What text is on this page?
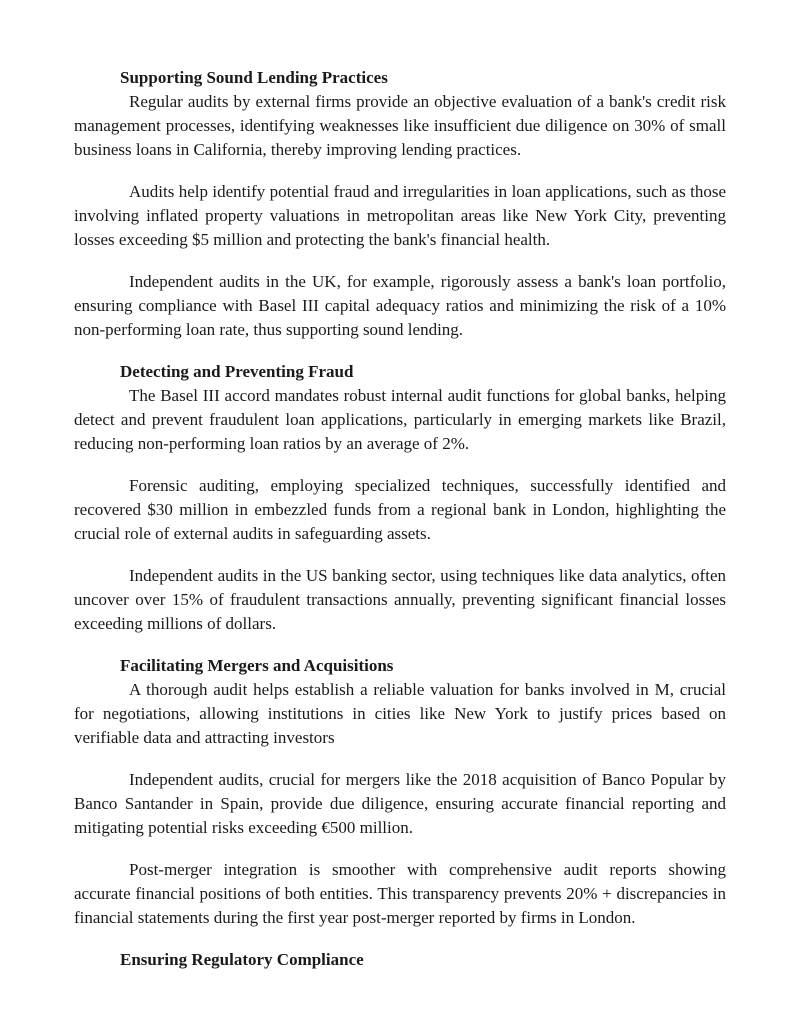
Supporting Sound Lending Practices

Regular audits by external firms provide an objective evaluation of a bank's credit risk management processes, identifying weaknesses like insufficient due diligence on 30% of small business loans in California, thereby improving lending practices.

Audits help identify potential fraud and irregularities in loan applications, such as those involving inflated property valuations in metropolitan areas like New York City, preventing losses exceeding $5 million and protecting the bank's financial health.

Independent audits in the UK, for example, rigorously assess a bank's loan portfolio, ensuring compliance with Basel III capital adequacy ratios and minimizing the risk of a 10% non-performing loan rate, thus supporting sound lending.

Detecting and Preventing Fraud

The Basel III accord mandates robust internal audit functions for global banks, helping detect and prevent fraudulent loan applications, particularly in emerging markets like Brazil, reducing non-performing loan ratios by an average of 2%.

Forensic auditing, employing specialized techniques, successfully identified and recovered $30 million in embezzled funds from a regional bank in London, highlighting the crucial role of external audits in safeguarding assets.

Independent audits in the US banking sector, using techniques like data analytics, often uncover over 15% of fraudulent transactions annually, preventing significant financial losses exceeding millions of dollars.

Facilitating Mergers and Acquisitions

A thorough audit helps establish a reliable valuation for banks involved in M, crucial for negotiations, allowing institutions in cities like New York to justify prices based on verifiable data and attracting investors

Independent audits, crucial for mergers like the 2018 acquisition of Banco Popular by Banco Santander in Spain, provide due diligence, ensuring accurate financial reporting and mitigating potential risks exceeding €500 million.

Post-merger integration is smoother with comprehensive audit reports showing accurate financial positions of both entities. This transparency prevents 20% + discrepancies in financial statements during the first year post-merger reported by firms in London.

Ensuring Regulatory Compliance
